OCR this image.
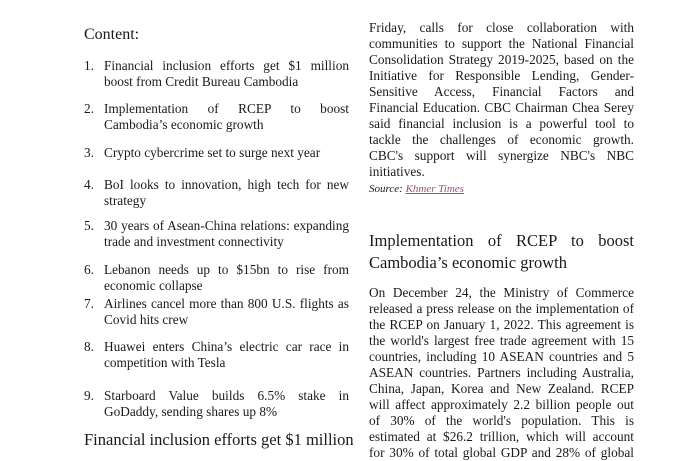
Content:
1. Financial inclusion efforts get $1 million boost from Credit Bureau Cambodia
2. Implementation of RCEP to boost Cambodia’s economic growth
3. Crypto cybercrime set to surge next year
4. BoI looks to innovation, high tech for new strategy
5. 30 years of Asean-China relations: expanding trade and investment connectivity
6. Lebanon needs up to $15bn to rise from economic collapse
7. Airlines cancel more than 800 U.S. flights as Covid hits crew
8. Huawei enters China’s electric car race in competition with Tesla
9. Starboard Value builds 6.5% stake in GoDaddy, sending shares up 8%
Financial inclusion efforts get $1 million
Friday, calls for close collaboration with
communities to support the National Financial
Consolidation Strategy 2019-2025, based on the
Initiative for Responsible Lending, Gender-
Sensitive Access, Financial Factors and
Financial Education. CBC Chairman Chea Serey
said financial inclusion is a powerful tool to
tackle the challenges of economic growth.
CBC's support will synergize NBC's NBC
initiatives.
Source: Khmer Times
Implementation of RCEP to boost
Cambodia’s economic growth
On December 24, the Ministry of Commerce
released a press release on the implementation of
the RCEP on January 1, 2022. This agreement is
the world's largest free trade agreement with 15
countries, including 10 ASEAN countries and 5
ASEAN countries. Partners including Australia,
China, Japan, Korea and New Zealand. RCEP
will affect approximately 2.2 billion people out
of 30% of the world's population. This is
estimated at $26.2 trillion, which will account
for 30% of total global GDP and 28% of global
